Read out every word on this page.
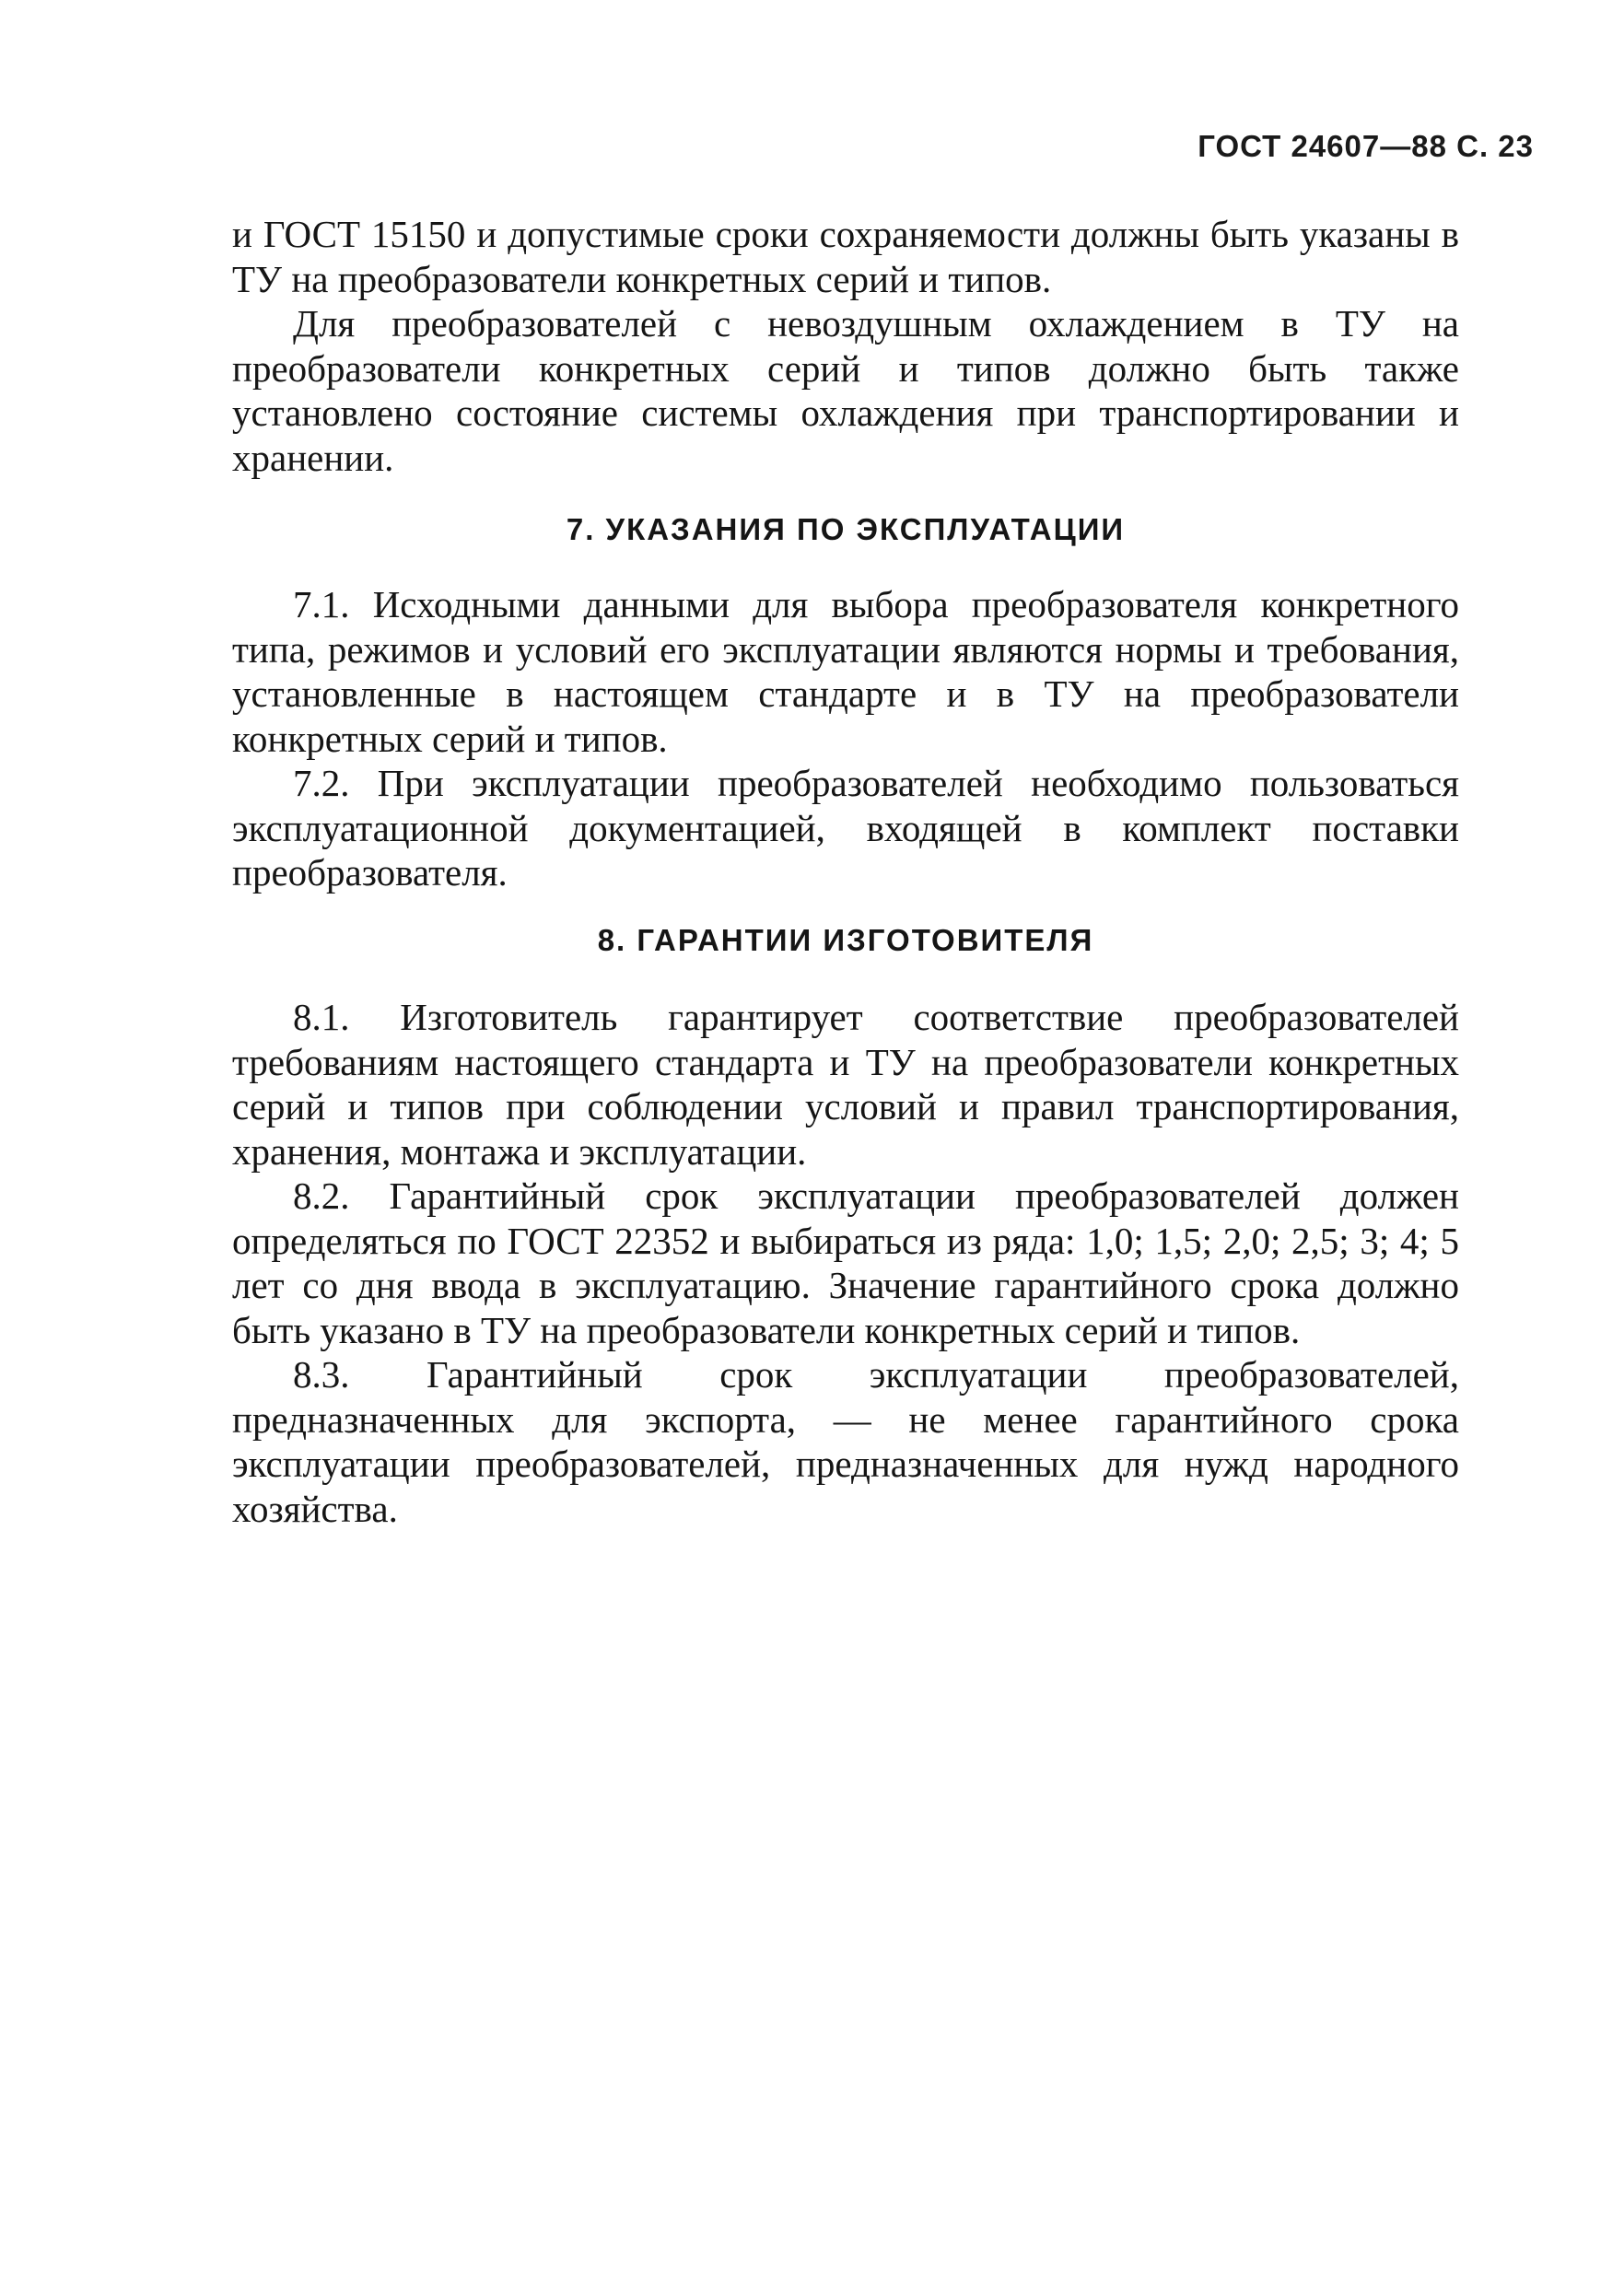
ГОСТ 24607—88 С. 23

и ГОСТ 15150 и допустимые сроки сохраняемости должны быть указаны в ТУ на преобразователи конкретных серий и типов.

Для преобразователей с невоздушным охлаждением в ТУ на преобразователи конкретных серий и типов должно быть также установлено состояние системы охлаждения при транспортировании и хранении.

7. УКАЗАНИЯ ПО ЭКСПЛУАТАЦИИ

7.1. Исходными данными для выбора преобразователя конкретного типа, режимов и условий его эксплуатации являются нормы и требования, установленные в настоящем стандарте и в ТУ на преобразователи конкретных серий и типов.

7.2. При эксплуатации преобразователей необходимо пользоваться эксплуатационной документацией, входящей в комплект поставки преобразователя.

8. ГАРАНТИИ ИЗГОТОВИТЕЛЯ

8.1. Изготовитель гарантирует соответствие преобразователей требованиям настоящего стандарта и ТУ на преобразователи конкретных серий и типов при соблюдении условий и правил транспортирования, хранения, монтажа и эксплуатации.

8.2. Гарантийный срок эксплуатации преобразователей должен определяться по ГОСТ 22352 и выбираться из ряда: 1,0; 1,5; 2,0; 2,5; 3; 4; 5 лет со дня ввода в эксплуатацию. Значение гарантийного срока должно быть указано в ТУ на преобразователи конкретных серий и типов.

8.3. Гарантийный срок эксплуатации преобразователей, предназначенных для экспорта, — не менее гарантийного срока эксплуатации преобразователей, предназначенных для нужд народного хозяйства.
